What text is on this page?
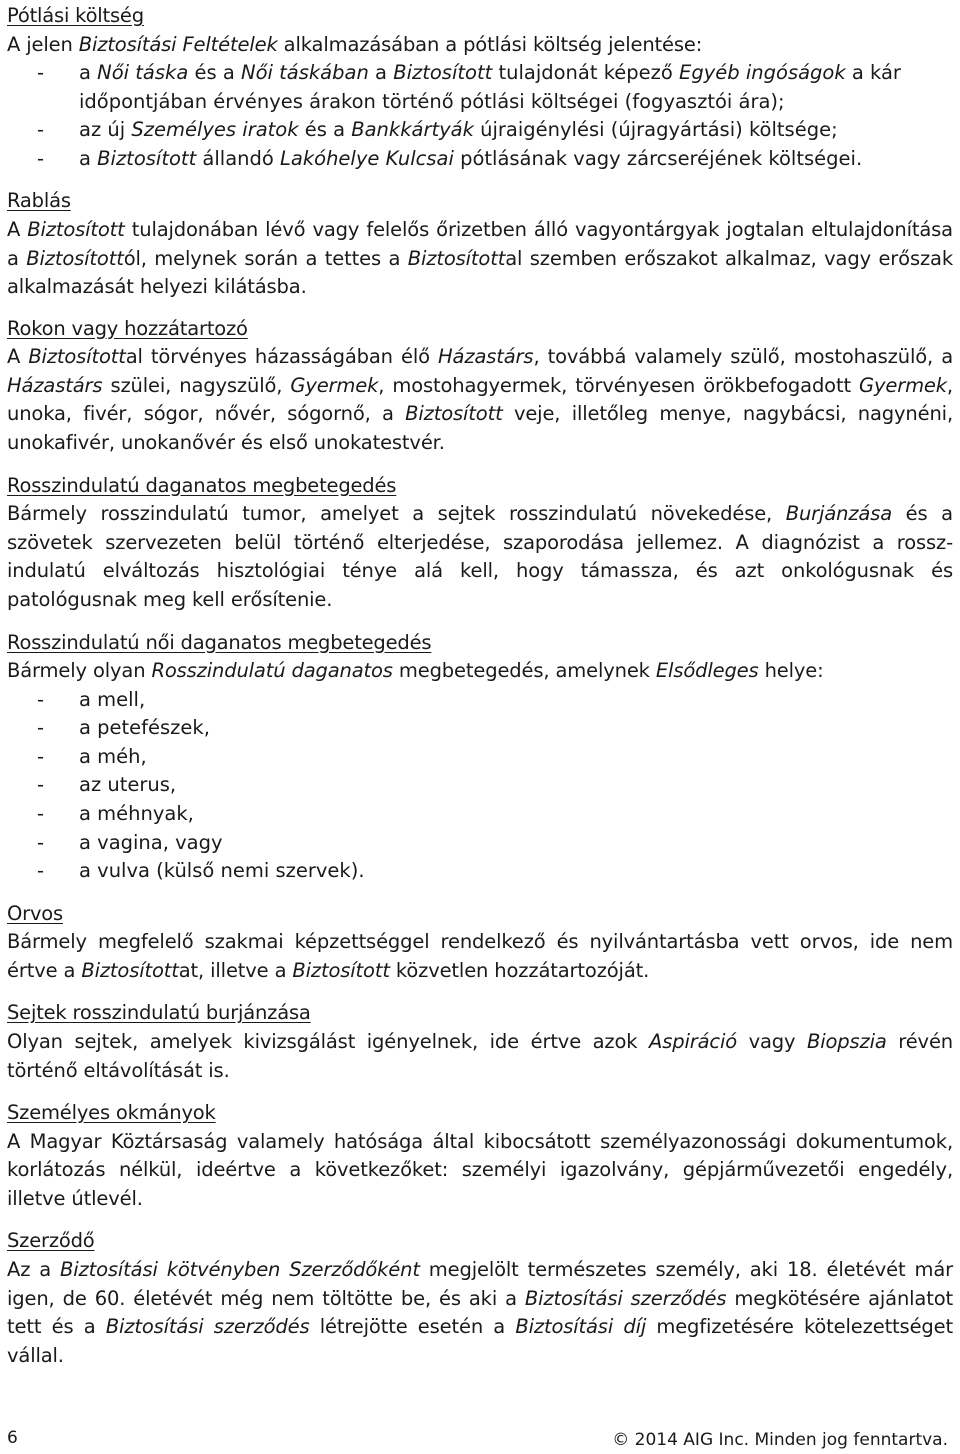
Pótlási költség

A jelen Biztosítási Feltételek alkalmazásában a pótlási költség jelentése:

- a Női táska és a Női táskában a Biztosított tulajdonát képező Egyéb ingóságok a kár időpontjában érvényes árakon történő pótlási költségei (fogyasztói ára);
- az új Személyes iratok és a Bankkártyák újraigénylési (újragyártási) költsége;
- a Biztosított állandó Lakóhelye Kulcsai pótlásának vagy zárcseréjének költségei.
Rablás

A Biztosított tulajdonában lévő vagy felelős őrizetben álló vagyontárgyak jogtalan eltulajdonítása a Biztosítottól, melynek során a tettes a Biztosítottal szemben erőszakot alkalmaz, vagy erőszak alkalmazását helyezi kilátásba.

Rokon vagy hozzátartozó

A Biztosítottal törvényes házasságában élő Házastárs, továbbá valamely szülő, mostohaszülő, a Házastárs szülei, nagyszülő, Gyermek, mostohagyermek, törvényesen örökbefogadott Gyermek, unoka, fivér, sógor, nővér, sógornő, a Biztosított veje, illetőleg menye, nagybácsi, nagynéni, unokafivér, unokanővér és első unokatestvér.

Rosszindulatú daganatos megbetegedés

Bármely rosszindulatú tumor, amelyet a sejtek rosszindulatú növekedése, Burjánzása és a szövetek szervezeten belül történő elterjedése, szaporodása jellemez. A diagnózist a rossz- indulatú elváltozás hisztológiai ténye alá kell, hogy támassza, és azt onkológusnak és patológusnak meg kell erősítenie.

Rosszindulatú női daganatos megbetegedés

Bármely olyan Rosszindulatú daganatos megbetegedés, amelynek Elsődleges helye:

- a mell,
- a petefészek,
- a méh,
- az uterus,
- a méhnyak,
- a vagina, vagy
- a vulva (külső nemi szervek).
Orvos

Bármely megfelelő szakmai képzettséggel rendelkező és nyilvántartásba vett orvos, ide nem értve a Biztosítottat, illetve a Biztosított közvetlen hozzátartozóját.

Sejtek rosszindulatú burjánzása

Olyan sejtek, amelyek kivizsgálást igényelnek, ide értve azok Aspiráció vagy Biopszia révén történő eltávolítását is.

Személyes okmányok

A Magyar Köztársaság valamely hatósága által kibocsátott személyazonossági dokumentumok, korlátozás nélkül, ideértve a következőket: személyi igazolvány, gépjárművezetői engedély, illetve útlevél.

Szerződő

Az a Biztosítási kötvényben Szerződőként megjelölt természetes személy, aki 18. életévét már igen, de 60. életévét még nem töltötte be, és aki a Biztosítási szerződés megkötésére ajánlatot tett és a Biztosítási szerződés létrejötte esetén a Biztosítási díj megfizetésére kötelezettséget vállal.

6	© 2014 AIG Inc. Minden jog fenntartva.
